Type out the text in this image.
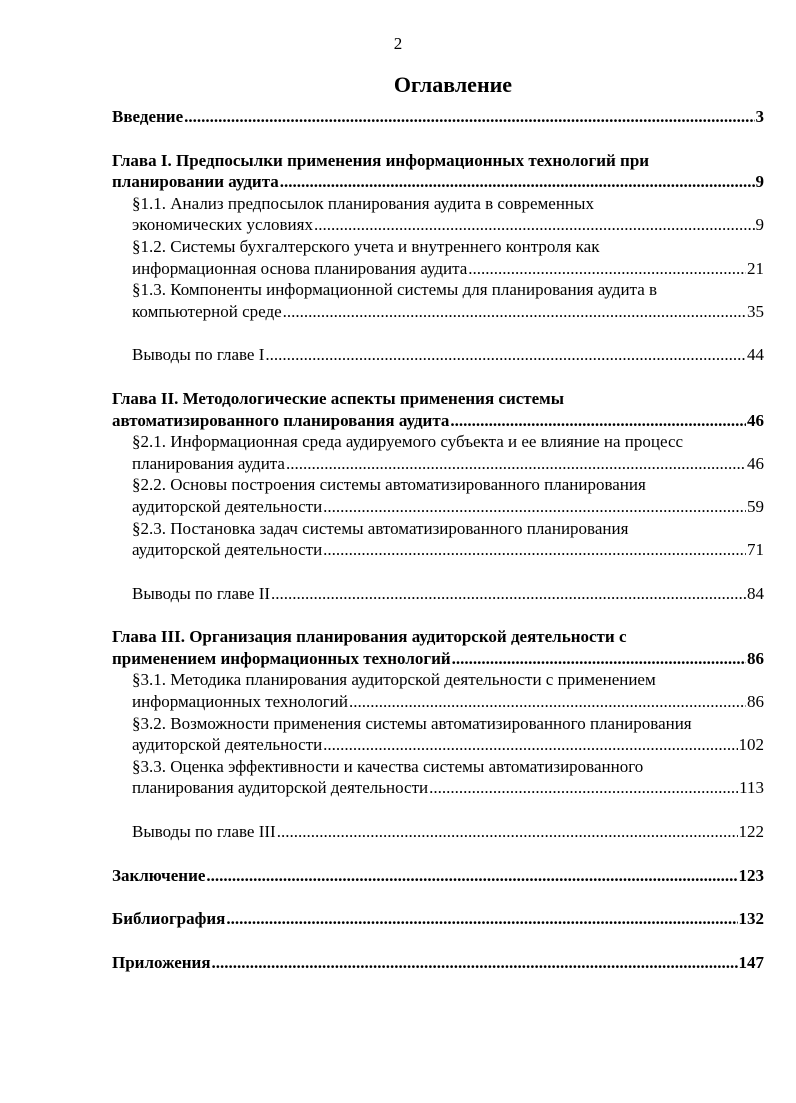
2
Оглавление
Введение .....	3
Глава I. Предпосылки применения информационных технологий при
планировании аудита .....	9
§1.1. Анализ предпосылок планирования аудита в современных
экономических условиях .....	9
§1.2. Системы бухгалтерского учета и внутреннего контроля как
информационная основа планирования аудита .....	21
§1.3. Компоненты информационной системы для планирования аудита в
компьютерной среде .....	35
Выводы по главе I .....	44
Глава II. Методологические аспекты применения системы
автоматизированного планирования аудита .....	46
§2.1. Информационная среда аудируемого субъекта и ее влияние на процесс
планирования аудита .....	46
§2.2. Основы построения системы автоматизированного планирования
аудиторской деятельности .....	59
§2.3. Постановка задач системы автоматизированного планирования
аудиторской деятельности .....	71
Выводы по главе II .....	84
Глава III. Организация планирования аудиторской деятельности с
применением информационных технологий .....	86
§3.1. Методика планирования аудиторской деятельности с применением
информационных технологий .....	86
§3.2. Возможности применения системы автоматизированного планирования
аудиторской деятельности .....	102
§3.3. Оценка эффективности и качества системы автоматизированного
планирования аудиторской деятельности .....	113
Выводы по главе III .....	122
Заключение .....	123
Библиография .....	132
Приложения .....	147
